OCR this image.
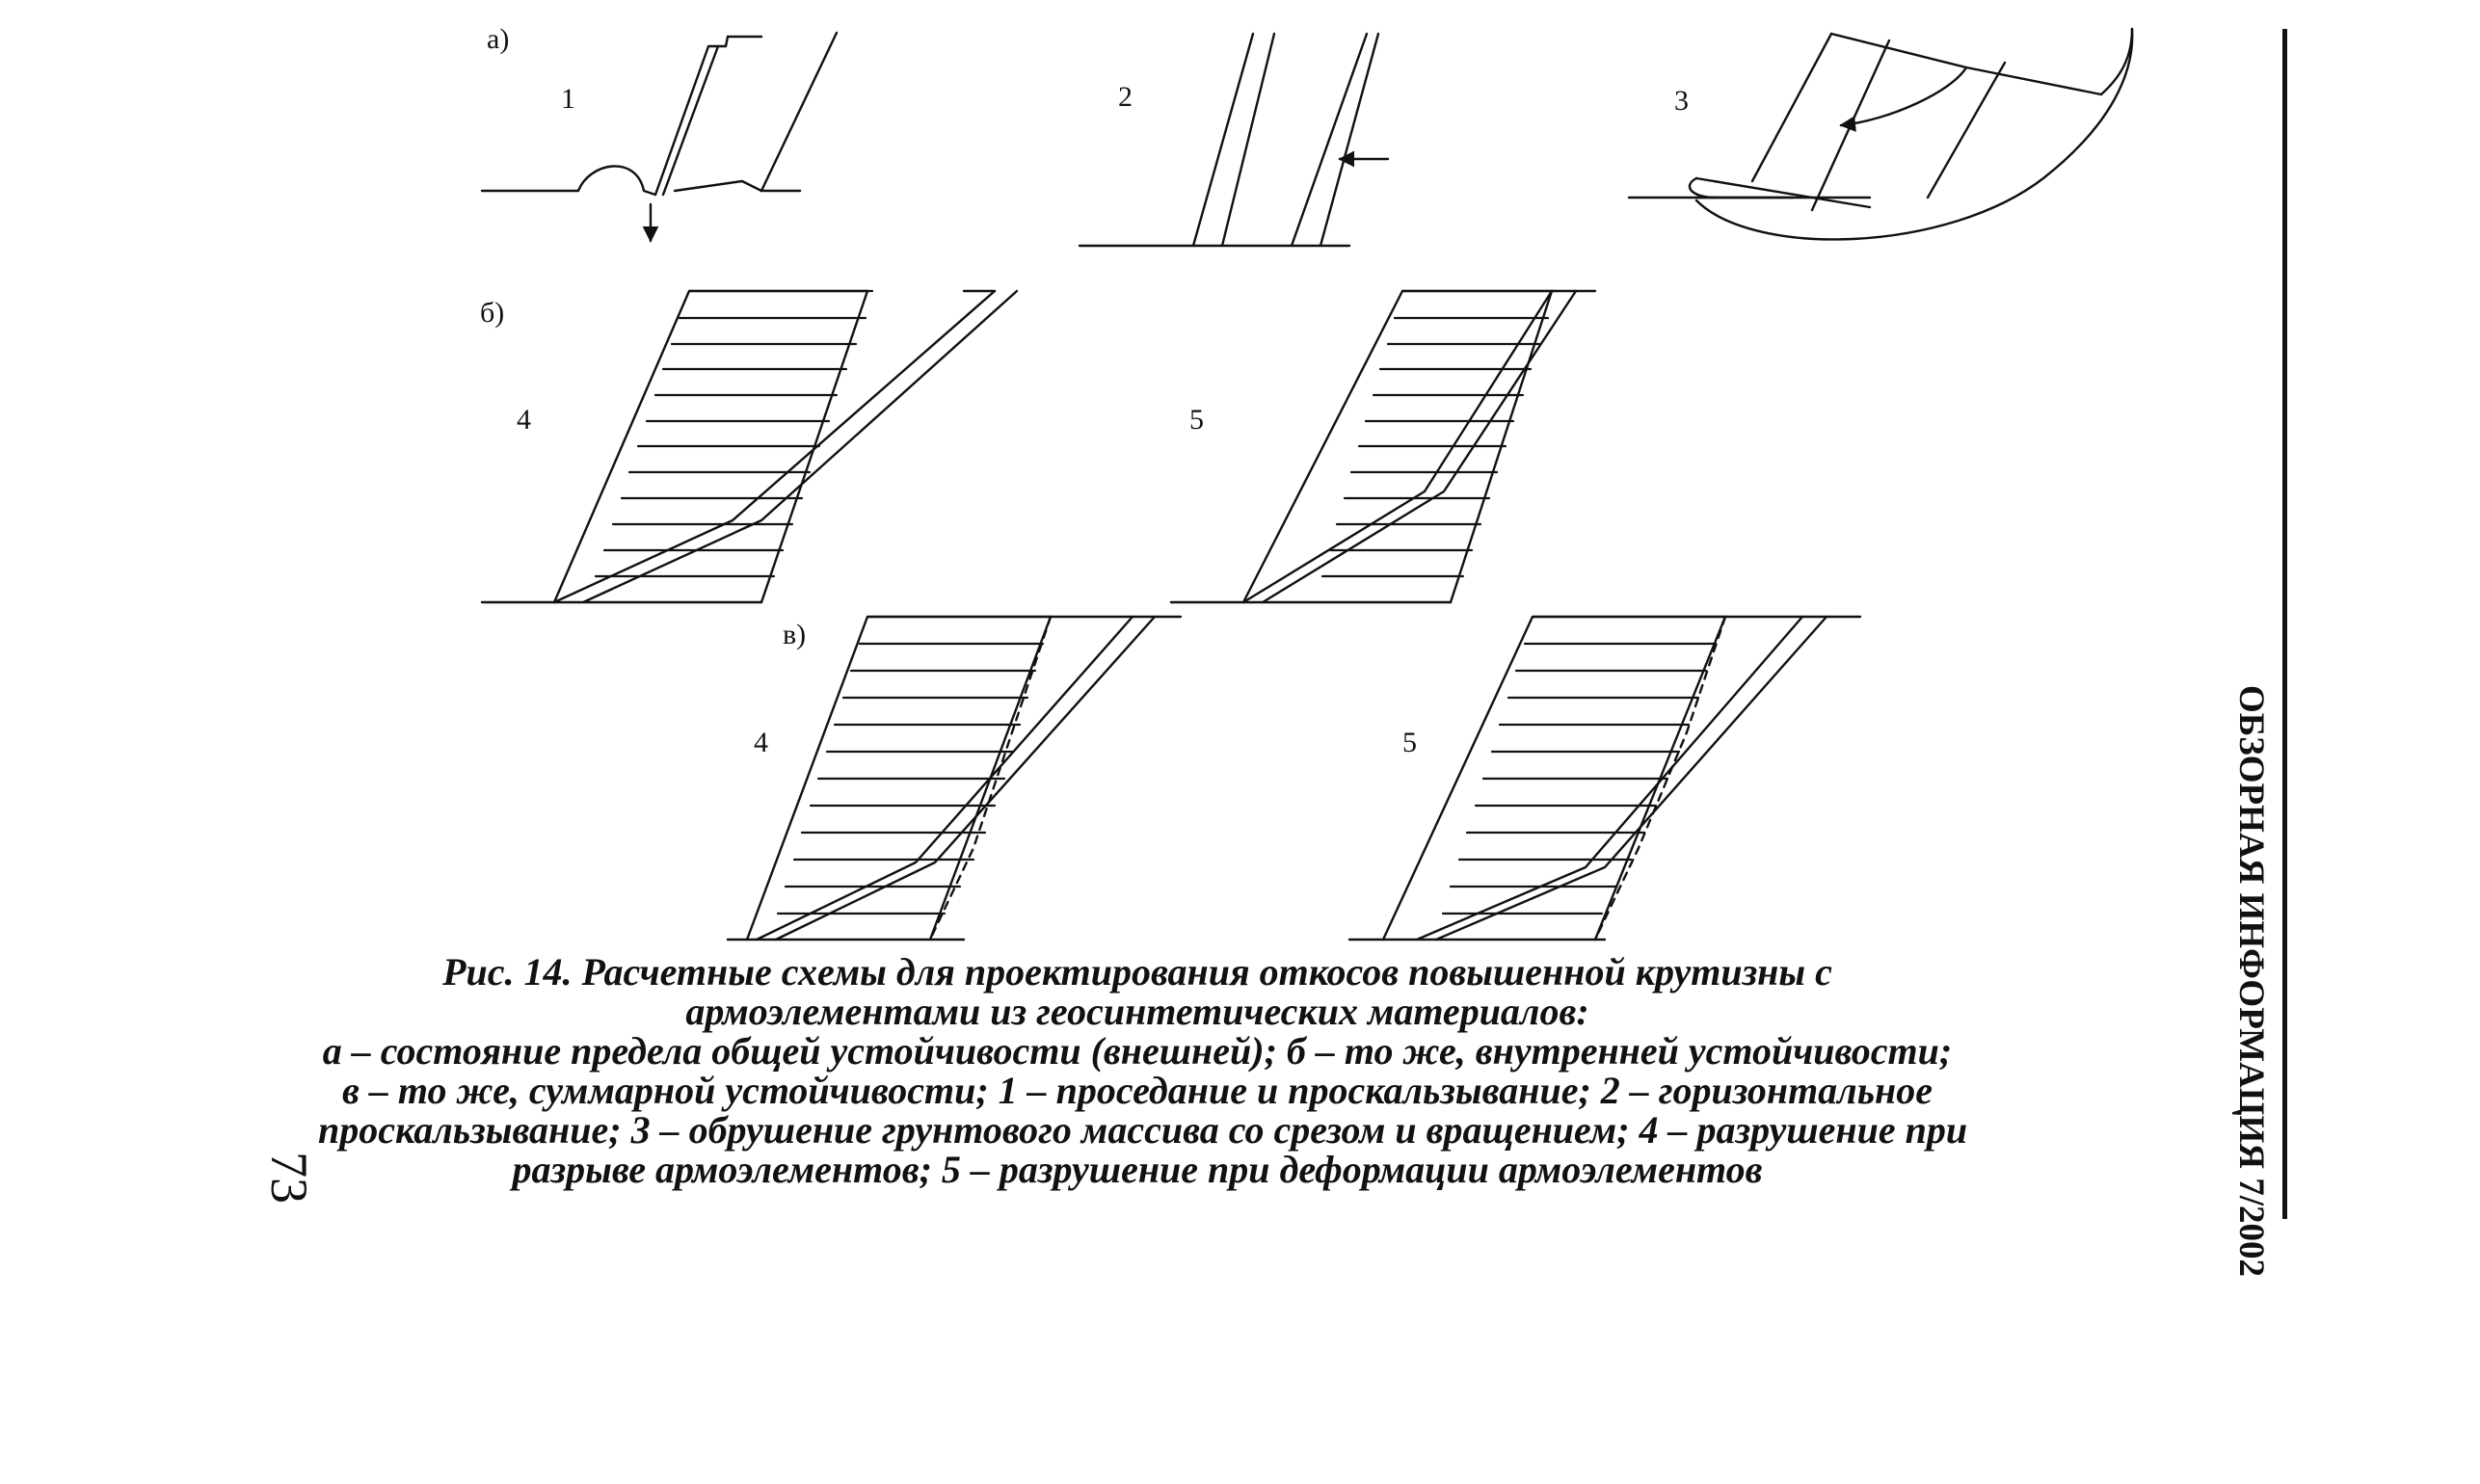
а)
б)
в)
1	2	3
4	5
4	5
Рис. 14. Расчетные схемы для проектирования откосов повышенной крутизны с
армоэлементами из геосинтетических материалов:
а – состояние предела общей устойчивости (внешней); б – то же, внутренней устойчивости;
в – то же, суммарной устойчивости; 1 – проседание и проскальзывание; 2 – горизонтальное
проскальзывание; 3 – обрушение грунтового массива со срезом и вращением; 4 – разрушение при
разрыве армоэлементов; 5 – разрушение при деформации армоэлементов	ОБЗОРНАЯ ИНФОРМАЦИЯ 7/2002
73
